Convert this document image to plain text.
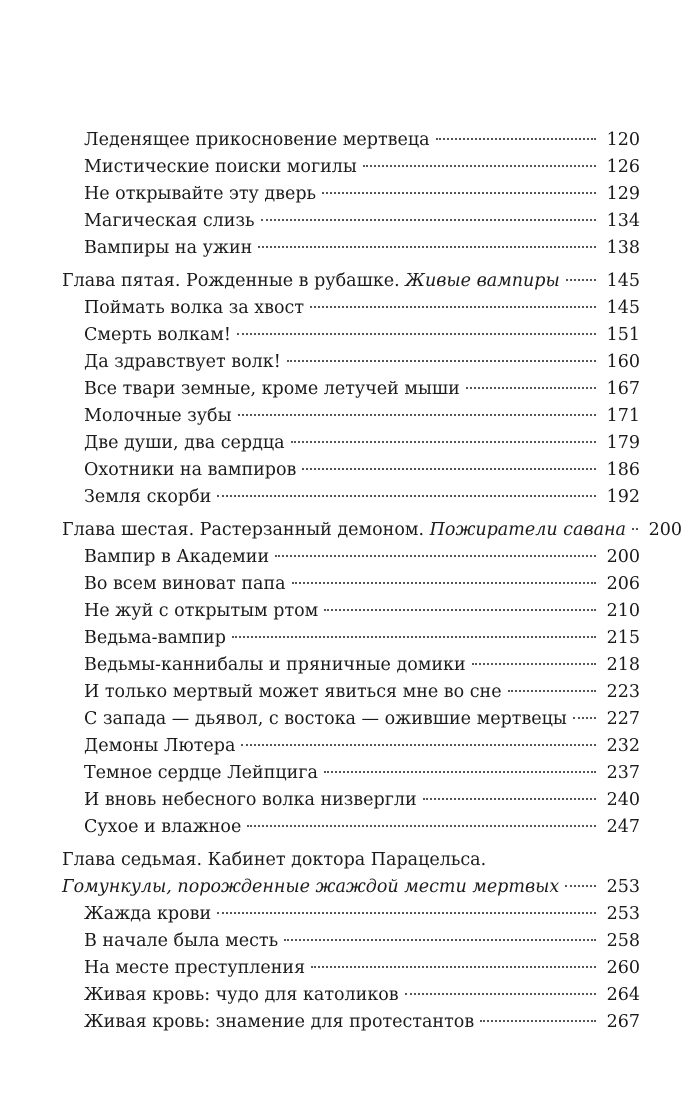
Леденящее прикосновение мертвеца	120
Мистические поиски могилы	126
Не открывайте эту дверь	129
Магическая слизь	134
Вампиры на ужин	138
Глава пятая. Рожденные в рубашке. Живые вампиры	145
Поймать волка за хвост	145
Смерть волкам!	151
Да здравствует волк!	160
Все твари земные, кроме летучей мыши	167
Молочные зубы	171
Две души, два сердца	179
Охотники на вампиров	186
Земля скорби	192
Глава шестая. Растерзанный демоном. Пожиратели савана 200
Вампир в Академии	200
Во всем виноват папа	206
Не жуй с открытым ртом	210
Ведьма-вампир	215
Ведьмы-каннибалы и пряничные домики	218
И только мертвый может явиться мне во сне	223
С запада — дьявол, с востока — ожившие мертвецы 227
Демоны Лютера	232
Темное сердце Лейпцига	237
И вновь небесного волка низвергли	240
Сухое и влажное	247
Глава седьмая. Кабинет доктора Парацельса.
Гомункулы, порожденные жаждой мести мертвых	253
Жажда крови	253
В начале была месть	258
На месте преступления	260
Живая кровь: чудо для католиков	264
Живая кровь: знамение для протестантов	267
